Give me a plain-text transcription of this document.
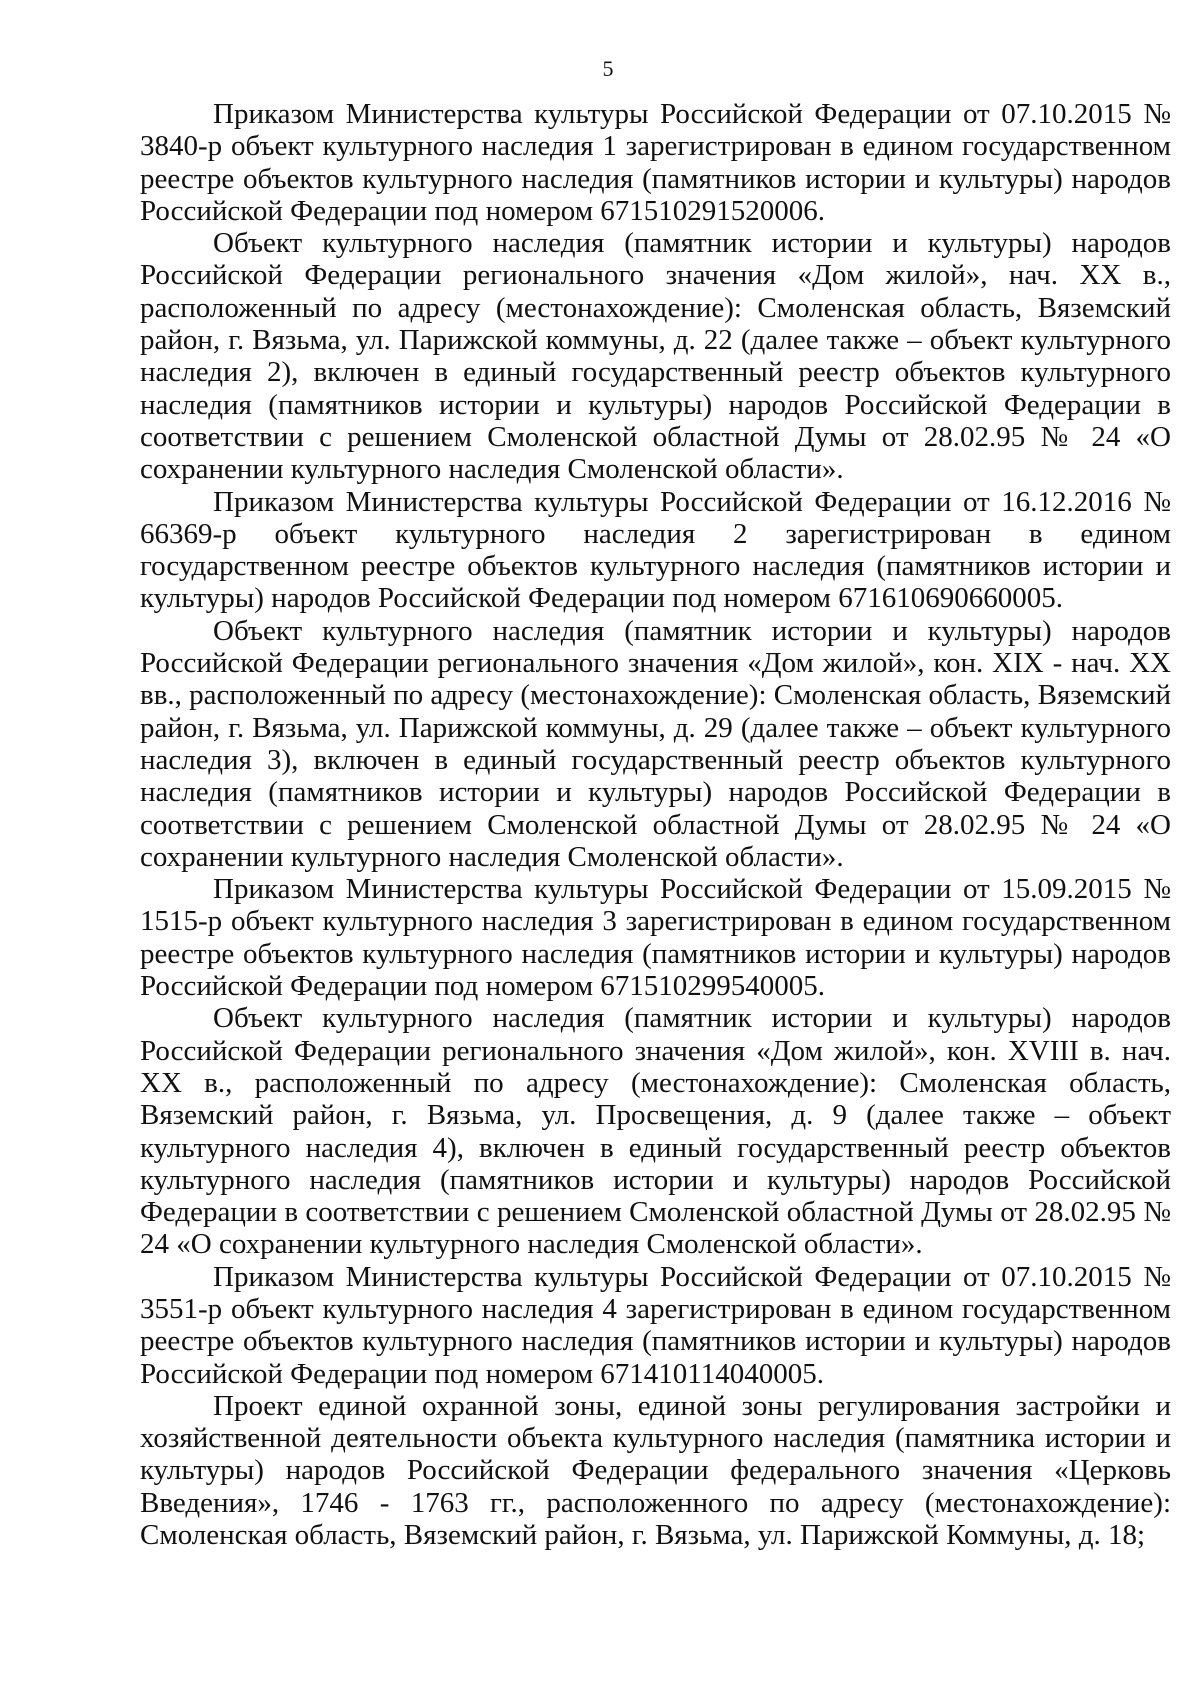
5

Приказом Министерства культуры Российской Федерации от 07.10.2015 № 3840-р объект культурного наследия 1 зарегистрирован в едином государственном реестре объектов культурного наследия (памятников истории и культуры) народов Российской Федерации под номером 671510291520006.

Объект культурного наследия (памятник истории и культуры) народов Российской Федерации регионального значения «Дом жилой», нач. XX в., расположенный по адресу (местонахождение): Смоленская область, Вяземский район, г. Вязьма, ул. Парижской коммуны, д. 22 (далее также – объект культурного наследия 2), включен в единый государственный реестр объектов культурного наследия (памятников истории и культуры) народов Российской Федерации в соответствии с решением Смоленской областной Думы от 28.02.95 № 24 «О сохранении культурного наследия Смоленской области».

Приказом Министерства культуры Российской Федерации от 16.12.2016 № 66369-р объект культурного наследия 2 зарегистрирован в едином государственном реестре объектов культурного наследия (памятников истории и культуры) народов Российской Федерации под номером 671610690660005.

Объект культурного наследия (памятник истории и культуры) народов Российской Федерации регионального значения «Дом жилой», кон. XIX - нач. XX вв., расположенный по адресу (местонахождение): Смоленская область, Вяземский район, г. Вязьма, ул. Парижской коммуны, д. 29 (далее также – объект культурного наследия 3), включен в единый государственный реестр объектов культурного наследия (памятников истории и культуры) народов Российской Федерации в соответствии с решением Смоленской областной Думы от 28.02.95 № 24 «О сохранении культурного наследия Смоленской области».

Приказом Министерства культуры Российской Федерации от 15.09.2015 № 1515-р объект культурного наследия 3 зарегистрирован в едином государственном реестре объектов культурного наследия (памятников истории и культуры) народов Российской Федерации под номером 671510299540005.

Объект культурного наследия (памятник истории и культуры) народов Российской Федерации регионального значения «Дом жилой», кон. XVIII в. нач. XX в., расположенный по адресу (местонахождение): Смоленская область, Вяземский район, г. Вязьма, ул. Просвещения, д. 9 (далее также – объект культурного наследия 4), включен в единый государственный реестр объектов культурного наследия (памятников истории и культуры) народов Российской Федерации в соответствии с решением Смоленской областной Думы от 28.02.95 № 24 «О сохранении культурного наследия Смоленской области».

Приказом Министерства культуры Российской Федерации от 07.10.2015 № 3551-р объект культурного наследия 4 зарегистрирован в едином государственном реестре объектов культурного наследия (памятников истории и культуры) народов Российской Федерации под номером 671410114040005.

Проект единой охранной зоны, единой зоны регулирования застройки и хозяйственной деятельности объекта культурного наследия (памятника истории и культуры) народов Российской Федерации федерального значения «Церковь Введения», 1746 - 1763 гг., расположенного по адресу (местонахождение): Смоленская область, Вяземский район, г. Вязьма, ул. Парижской Коммуны, д. 18;
